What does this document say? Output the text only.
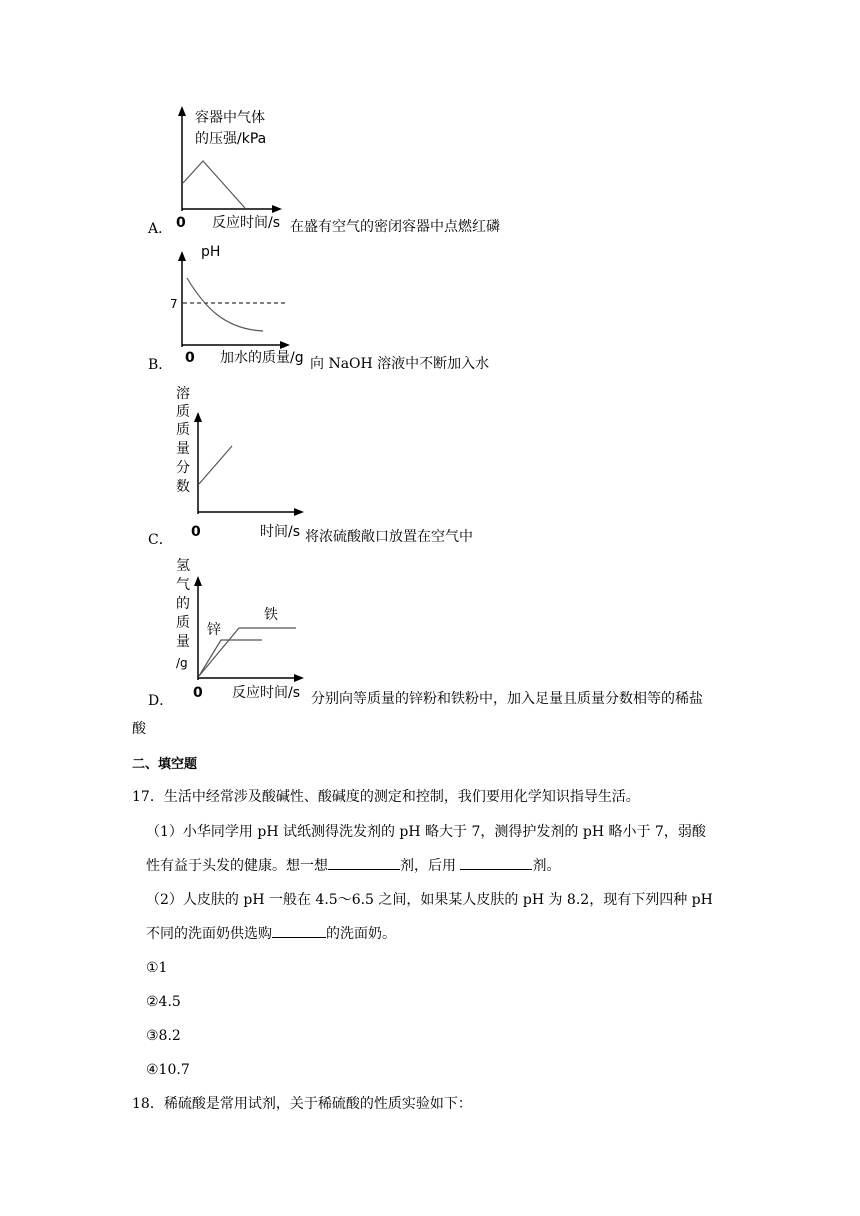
容器中气体
的压强/kPa
0 反应时间/s
A．	在盛有空气的密闭容器中点燃红磷
pH
7
0 加水的质量/g
B．	向 NaOH 溶液中不断加入水
溶
质
质
量
分
数
0	时间/s
C．	将浓硫酸敞口放置在空气中
氢
气
的
质
量
/g
锌
铁
0 反应时间/s
D．	分别向等质量的锌粉和铁粉中，加入足量且质量分数相等的稀盐
酸
二、填空题
17．生活中经常涉及酸碱性、酸碱度的测定和控制，我们要用化学知识指导生活。
（1）小华同学用 pH 试纸测得洗发剂的 pH 略大于 7，测得护发剂的 pH 略小于 7，弱酸
性有益于头发的健康。想一想	剂，后用	剂。
（2）人皮肤的 pH 一般在 4.5～6.5 之间，如果某人皮肤的 pH 为 8.2，现有下列四种 pH
不同的洗面奶供选购	的洗面奶。
①1
②4.5
③8.2
④10.7
18．稀硫酸是常用试剂，关于稀硫酸的性质实验如下：
